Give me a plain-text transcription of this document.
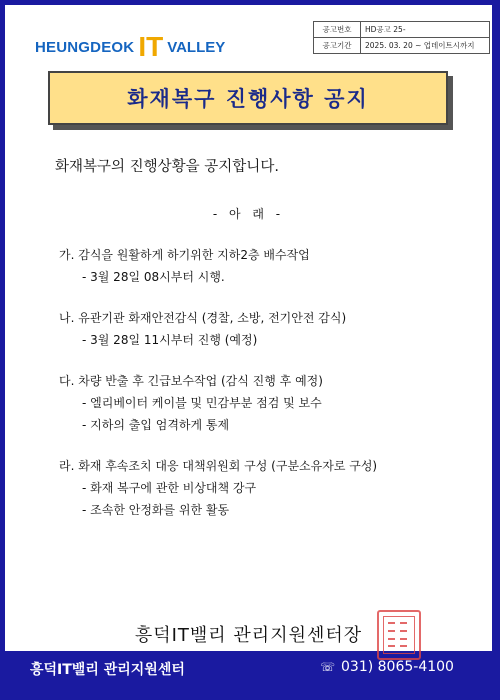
HEUNGDEOK IT VALLEY
공고번호	HD공고 25-
공고기간	2025. 03. 20 ~ 업데이트시까지
화재복구 진행사항 공지
화재복구의 진행상황을 공지합니다.
- 아 래 -
가. 감식을 원활하게 하기위한 지하2층 배수작업
- 3월 28일 08시부터 시행.
나. 유관기관 화재안전감식 (경찰, 소방, 전기안전 감식)
- 3월 28일 11시부터 진행 (예정)
다. 차량 반출 후 긴급보수작업 (감식 진행 후 예정)
- 엘리베이터 케이블 및 민감부분 점검 및 보수
- 지하의 출입 엄격하게 통제
라. 화재 후속조치 대응 대책위원회 구성 (구분소유자로 구성)
- 화재 복구에 관한 비상대책 강구
- 조속한 안정화를 위한 활동
흥덕IT밸리 관리지원센터장
흥덕IT밸리 관리지원센터	☏ 031) 8065-4100
